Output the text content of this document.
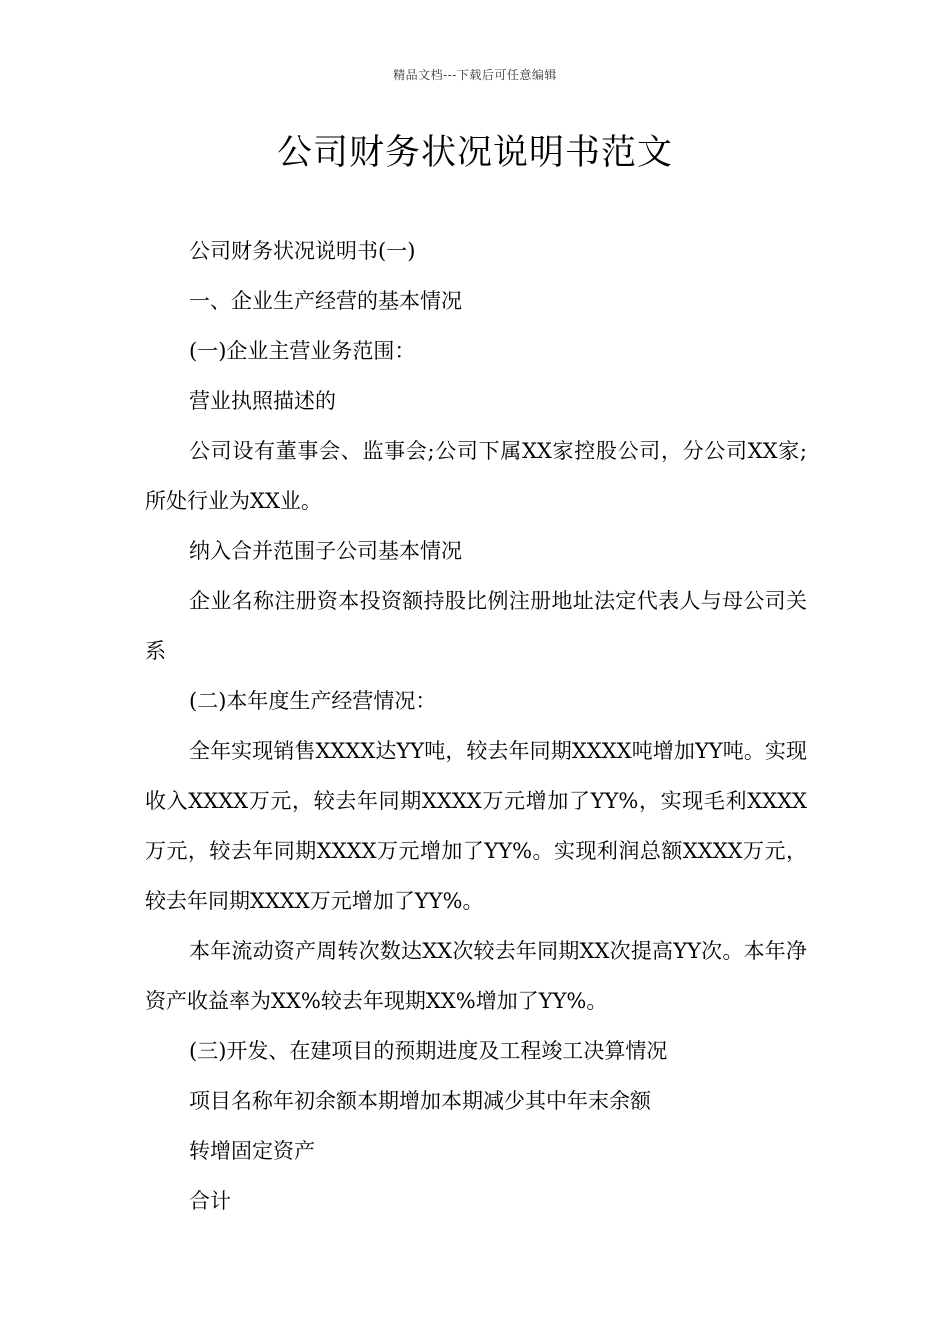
精品文档---下载后可任意编辑
公司财务状况说明书范文

公司财务状况说明书(一)

一、企业生产经营的基本情况

(一)企业主营业务范围：

营业执照描述的

公司设有董事会、监事会;公司下属XX家控股公司，分公司XX家;所处行业为XX业。

纳入合并范围子公司基本情况

企业名称注册资本投资额持股比例注册地址法定代表人与母公司关系

(二)本年度生产经营情况：

全年实现销售XXXX达YY吨，较去年同期XXXX吨增加YY吨。实现收入XXXX万元，较去年同期XXXX万元增加了YY%，实现毛利XXXX万元，较去年同期XXXX万元增加了YY%。实现利润总额XXXX万元，较去年同期XXXX万元增加了YY%。

本年流动资产周转次数达XX次较去年同期XX次提高YY次。本年净资产收益率为XX%较去年现期XX%增加了YY%。

(三)开发、在建项目的预期进度及工程竣工决算情况

项目名称年初余额本期增加本期减少其中年末余额

转增固定资产

合计
